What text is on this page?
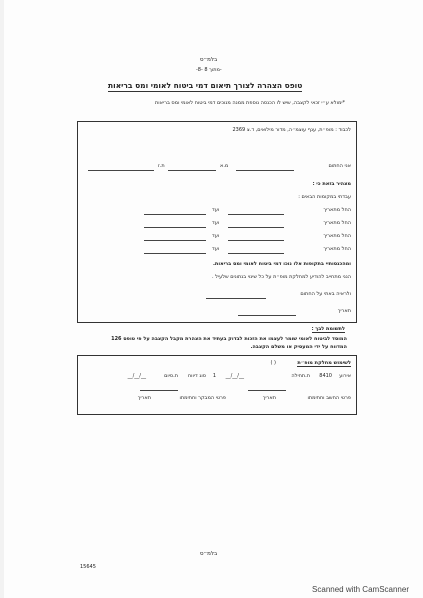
בלמ״ס
-8- מתוך 8-
טופס הצהרה לצורך תיאום דמי ביטוח לאומי ומס בריאות
*ימולא ע״י זכאי לקצבה, שיש לו הכנסה נוספת ממנה מנוכים דמי ביטוח לאומי ומס בריאות
לכבוד : מופ״ת, ענף עוצמ״ה, מדור מילואים, ד.צ 2369
אני החתום
מ.א
ת.ז
מצהיר בזאת כי :
עבדתי במקומות הבאים :
החל מתאריך
ועד
החל מתאריך
ועד
החל מתאריך
ועד
החל מתאריך
ועד
ומהכנסותיי בתקופות אלו נוכו דמי ביטוח לאומי ומס בריאות.
הנני מתחייב להודיע למחלקת מופ״ת על כל שינוי בנתונים שלעיל .
ולראיה באתי על החתום
תאריך
לתשומת לבך :
המוסד לביטוח לאומי שומר לעצמו את הזכות לבדוק בעתיד את הצהרת מקבל הקצבה על פי טופס 126
המדווח על ידי המעסיק או משלם הקצבה.
לשימוש מחלקת מופ״ת
( )
אירוע
8410
ת.תחילה
__/__/__
סוג דיווח 1
ת.סיום
__/__/__
פרטי החשב וחתימתו
תאריך
פרטי המבקר וחתימתו
תאריך
בלמ״ס
15645
Scanned with CamScanner
